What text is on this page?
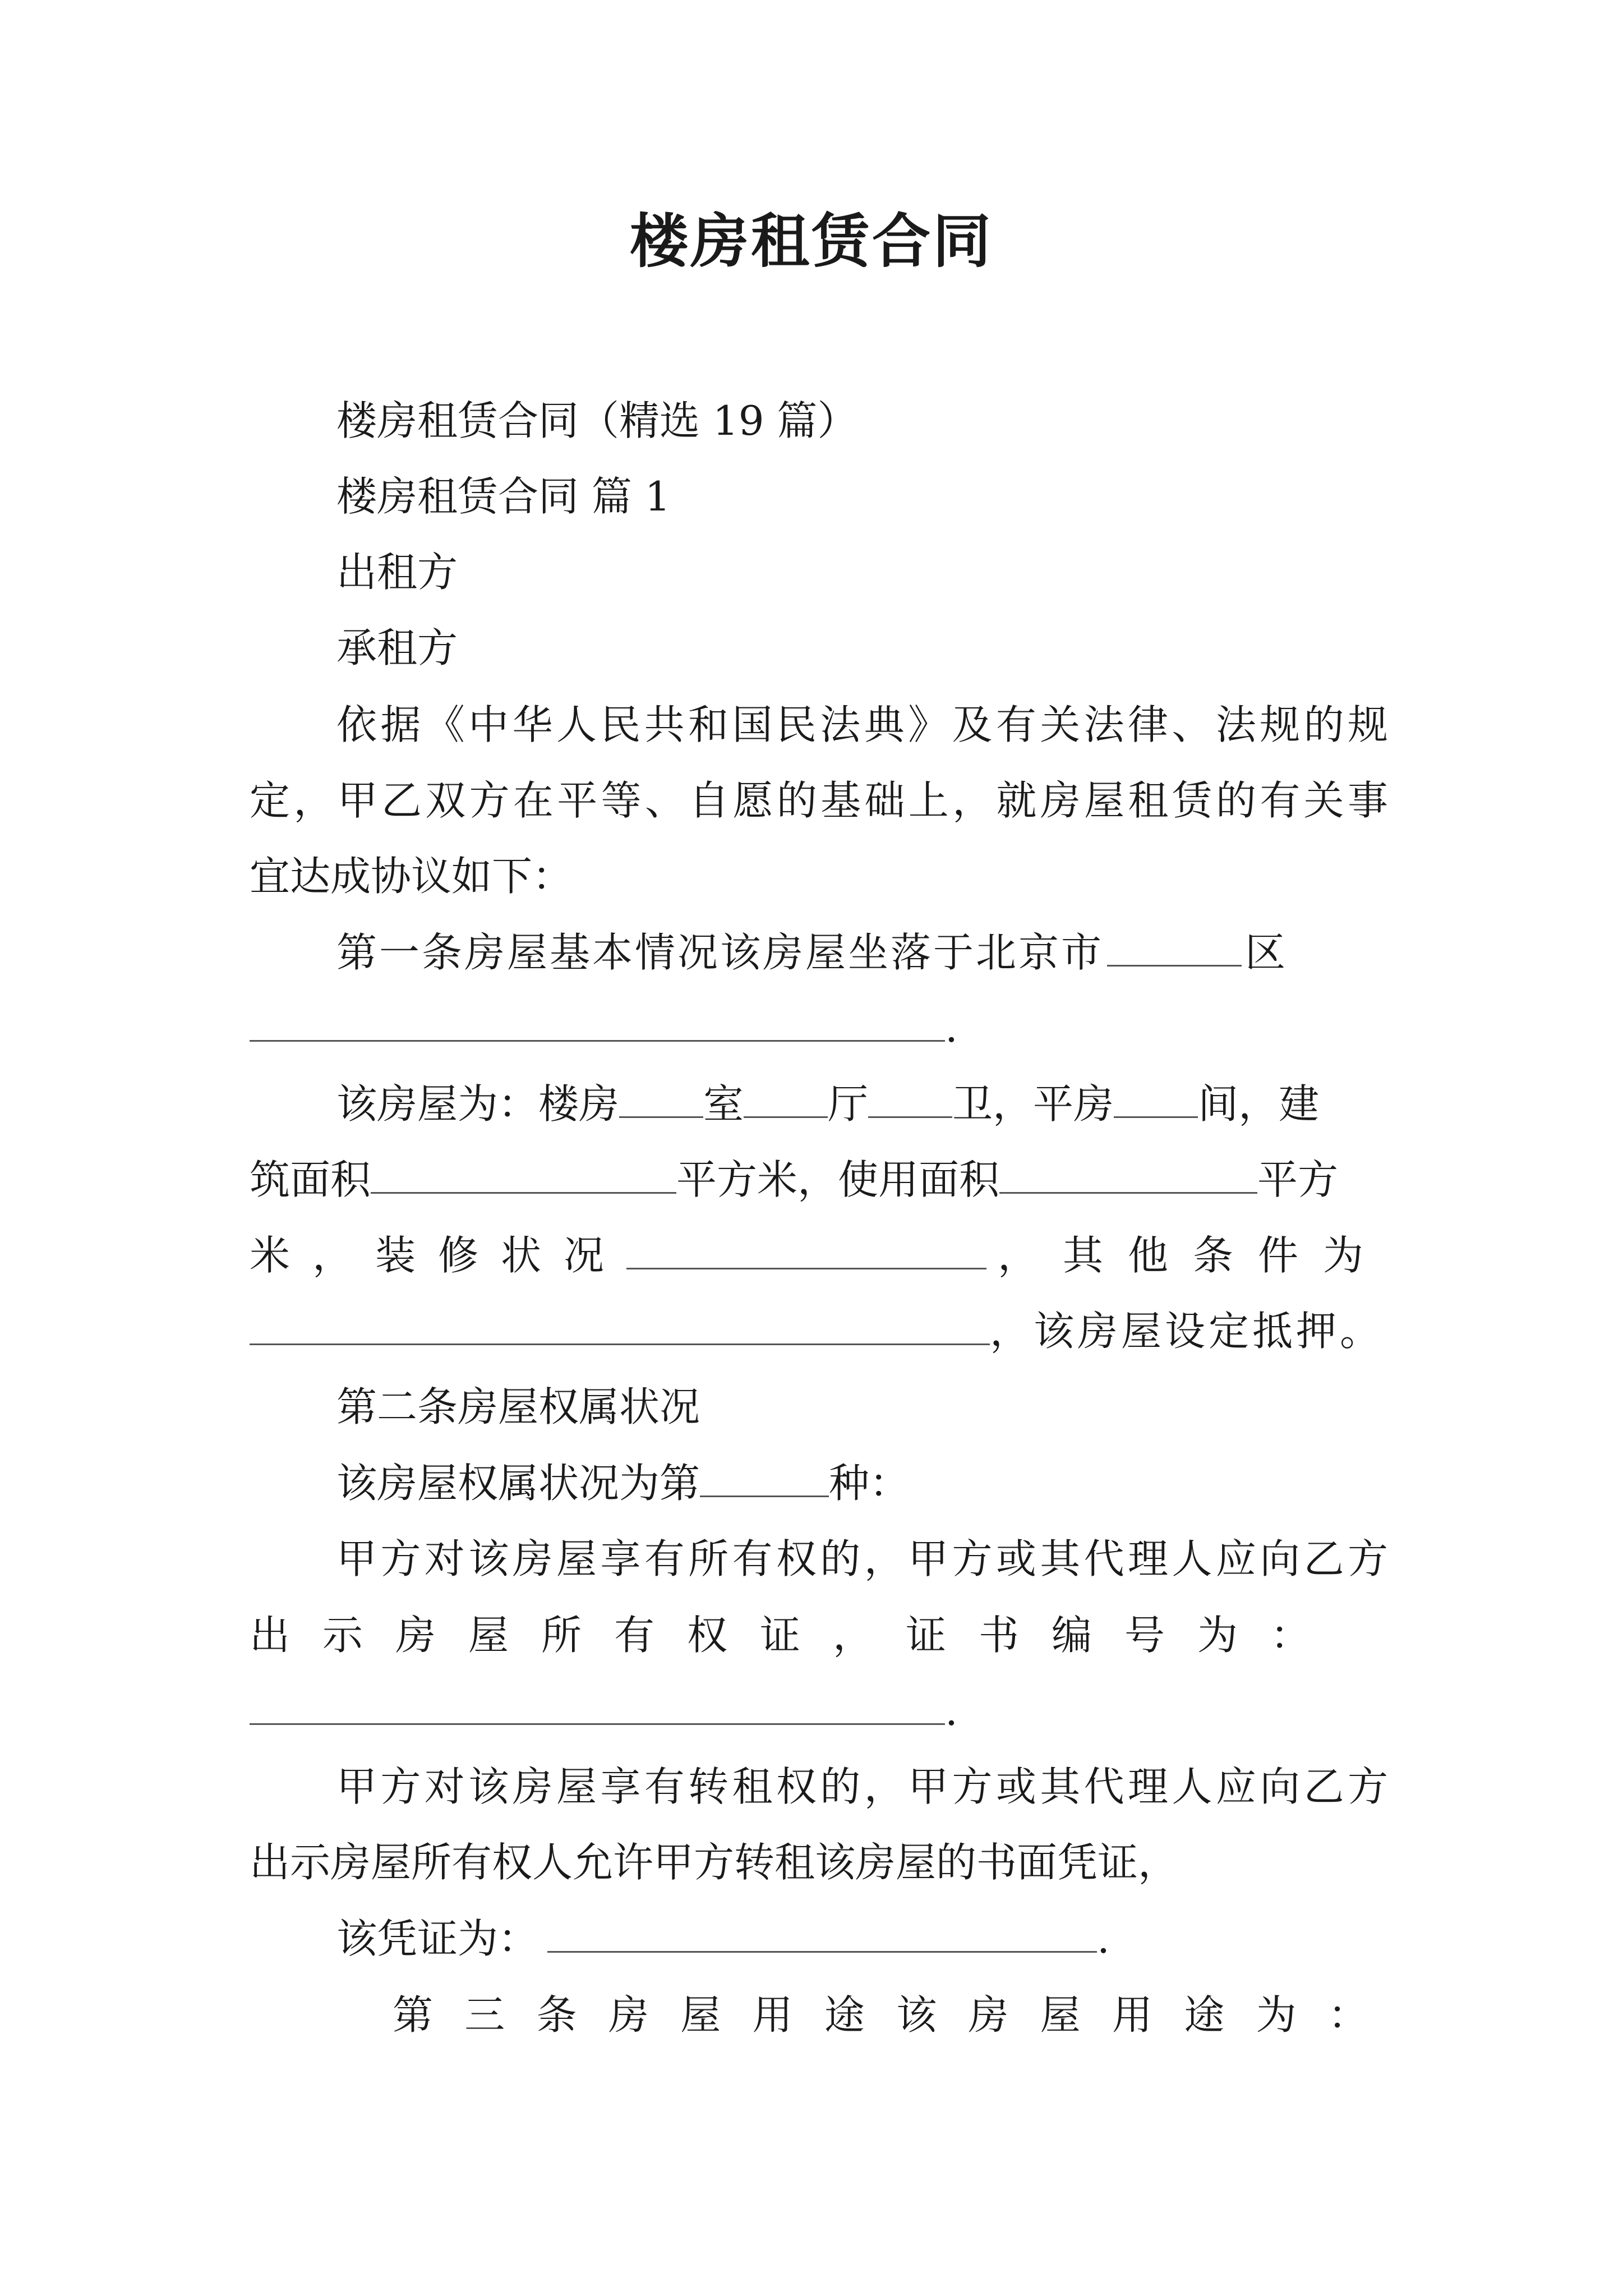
楼房租赁合同
楼房租赁合同（精选 19 篇）
楼房租赁合同 篇 1
出租方
承租方
依据《中华人民共和国民法典》及有关法律、法规的规
定，甲乙双方在平等、自愿的基础上，就房屋租赁的有关事
宜达成协议如下：
第一条房屋基本情况该房屋坐落于北京市	区
.
该房屋为：楼房 室 厅 卫，平房 间，建
筑面积	平方米，使用面积	平方
米，装修状况	，其他条件为
，该房屋设定抵押。
第二条房屋权属状况
该房屋权属状况为第	种：
甲方对该房屋享有所有权的，甲方或其代理人应向乙方
出示房屋所有权证，证书编号为：
.
甲方对该房屋享有转租权的，甲方或其代理人应向乙方
出示房屋所有权人允许甲方转租该房屋的书面凭证，
该凭证为：	.
第 三 条 房 屋 用 途 该 房 屋 用 途 为 ：
